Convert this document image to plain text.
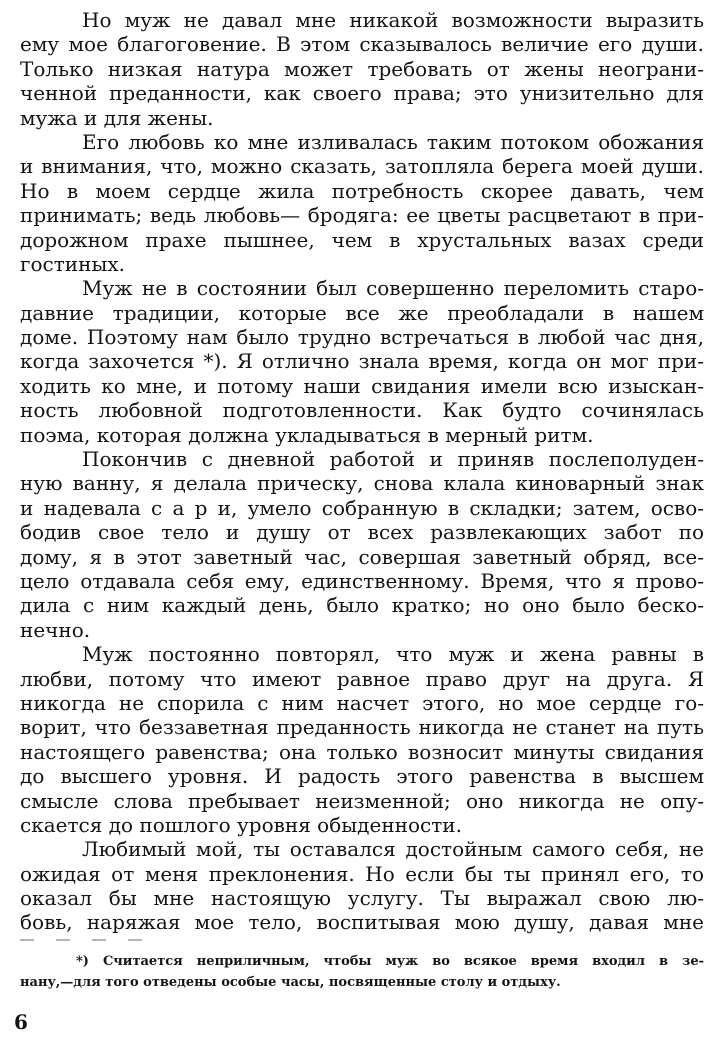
Но муж не давал мне никакой возможности выразить
ему мое благоговение. В этом сказывалось величие его души.
Только низкая натура может требовать от жены неограни-
ченной преданности, как своего права; это унизительно для
мужа и для жены.
Его любовь ко мне изливалась таким потоком обожания
и внимания, что, можно сказать, затопляла берега моей души.
Но в моем сердце жила потребность скорее давать, чем
принимать; ведь любовь— бродяга: ее цветы расцветают в при-
дорожном прахе пышнее, чем в хрустальных вазах среди
гостиных.
Муж не в состоянии был совершенно переломить старо-
давние традиции, которые все же преобладали в нашем
доме. Поэтому нам было трудно встречаться в любой час дня,
когда захочется *). Я отлично знала время, когда он мог при-
ходить ко мне, и потому наши свидания имели всю изыскан-
ность любовной подготовленности. Как будто сочинялась
поэма, которая должна укладываться в мерный ритм.
Покончив с дневной работой и приняв послеполуден-
ную ванну, я делала прическу, снова клала киноварный знак
и надевала с а р и, умело собранную в складки; затем, осво-
бодив свое тело и душу от всех развлекающих забот по
дому, я в этот заветный час, совершая заветный обряд, все-
цело отдавала себя ему, единственному. Время, что я прово-
дила с ним каждый день, было кратко; но оно было беско-
нечно.
Муж постоянно повторял, что муж и жена равны в
любви, потому что имеют равное право друг на друга. Я
никогда не спорила с ним насчет этого, но мое сердце го-
ворит, что беззаветная преданность никогда не станет на путь
настоящего равенства; она только возносит минуты свидания
до высшего уровня. И радость этого равенства в высшем
смысле слова пребывает неизменной; оно никогда не опу-
скается до пошлого уровня обыденности.
Любимый мой, ты оставался достойным самого себя, не
ожидая от меня преклонения. Но если бы ты принял его, то
оказал бы мне настоящую услугу. Ты выражал свою лю-
бовь, наряжая мое тело, воспитывая мою душу, давая мне
*) Считается неприличным, чтобы муж во всякое время входил в зе-
нану,—для того отведены особые часы, посвященные столу и отдыху.
6
